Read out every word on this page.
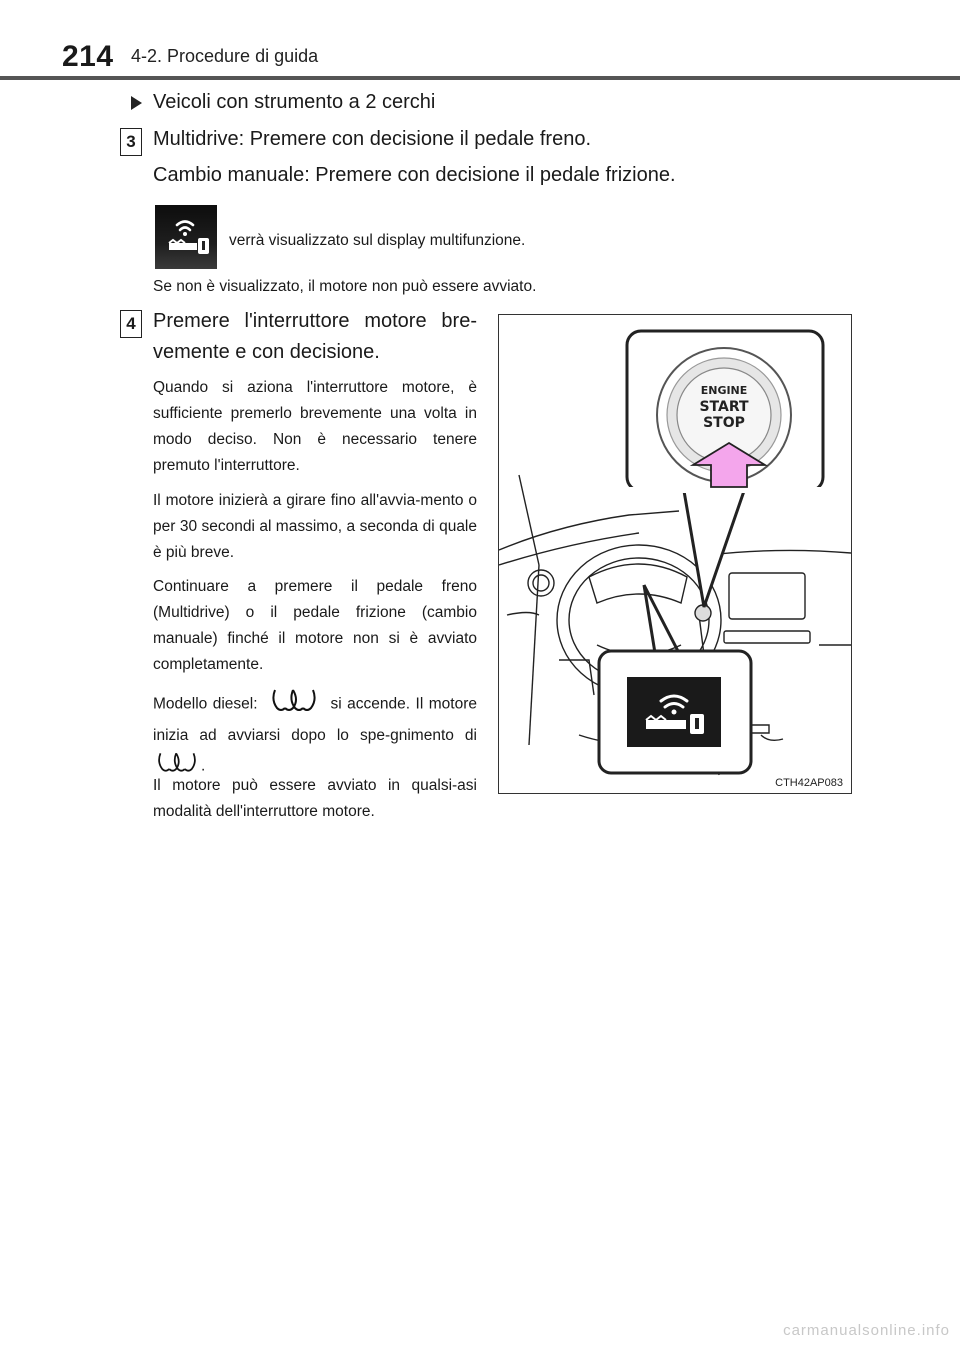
214 4-2. Procedure di guida
Veicoli con strumento a 2 cerchi
3 Multidrive: Premere con decisione il pedale freno.
Cambio manuale: Premere con decisione il pedale frizione.
verrà visualizzato sul display multifunzione.
Se non è visualizzato, il motore non può essere avviato.
4 Premere l'interruttore motore bre-
vemente e con decisione.
Quando si aziona l'interruttore motore, è sufficiente premerlo brevemente una volta in modo deciso. Non è necessario tenere premuto l'interruttore.
Il motore inizierà a girare fino all'avvia-mento o per 30 secondi al massimo, a seconda di quale è più breve.
Continuare a premere il pedale freno (Multidrive) o il pedale frizione (cambio manuale) finché il motore non si è avviato completamente.
Modello diesel:	si accende. Il motore inizia ad avviarsi dopo lo spe-gnimento di .
Il motore può essere avviato in qualsi-asi modalità dell'interruttore motore.
ENGINE
START
STOP
CTH42AP083
carmanualsonline.info
